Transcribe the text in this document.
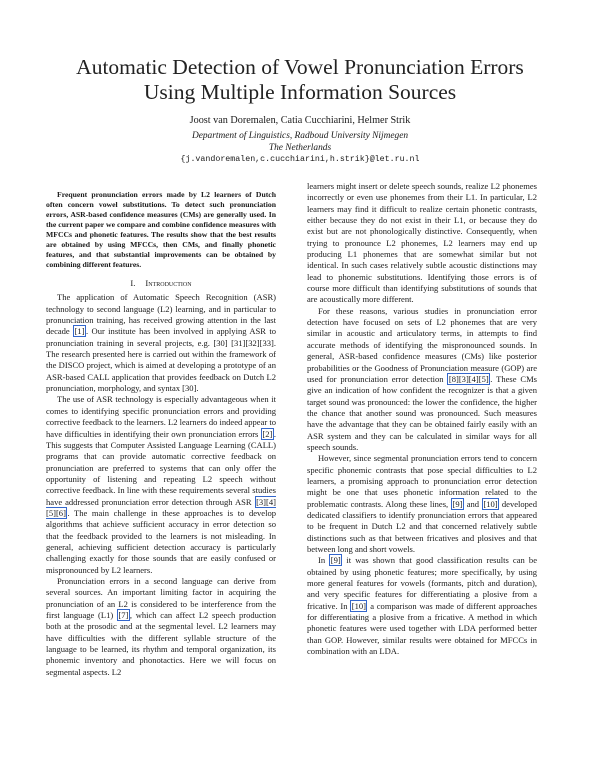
Automatic Detection of Vowel Pronunciation Errors
Using Multiple Information Sources
Joost van Doremalen, Catia Cucchiarini, Helmer Strik
Department of Linguistics, Radboud University Nijmegen
The Netherlands
{j.vandoremalen,c.cucchiarini,h.strik}@let.ru.nl

Frequent pronunciation errors made by L2 learners of Dutch often concern vowel substitutions. To detect such pronunciation errors, ASR-based confidence measures (CMs) are generally used. In the current paper we compare and combine confidence measures with MFCCs and phonetic features. The results show that the best results are obtained by using MFCCs, then CMs, and finally phonetic features, and that substantial improvements can be obtained by combining different features.

I. Introduction

The application of Automatic Speech Recognition (ASR) technology to second language (L2) learning, and in particular to pronunciation training, has received growing attention in the last decade [1] . Our institute has been involved in applying ASR to pronunciation training in several projects, e.g. [30] [31][32][33]. The research presented here is carried out within the framework of the DISCO project, which is aimed at developing a prototype of an ASR-based CALL application that provides feedback on Dutch L2 pronunciation, morphology, and syntax [30].

The use of ASR technology is especially advantageous when it comes to identifying specific pronunciation errors and providing corrective feedback to the learners. L2 learners do indeed appear to have difficulties in identifying their own pronunciation errors [2] . This suggests that Computer Assisted Language Learning (CALL) programs that can provide automatic corrective feedback on pronunciation are preferred to systems that can only offer the opportunity of listening and repeating L2 speech without corrective feedback. In line with these requirements several studies have addressed pronunciation error detection through ASR [3][4][5][6] . The main challenge in these approaches is to develop algorithms that achieve sufficient accuracy in error detection so that the feedback provided to the learners is not misleading. In general, achieving sufficient detection accuracy is particularly challenging exactly for those sounds that are easily confused or mispronounced by L2 learners.

Pronunciation errors in a second language can derive from several sources. An important limiting factor in acquiring the pronunciation of an L2 is considered to be interference from the first language (L1) [7] , which can affect L2 speech production both at the prosodic and at the segmental level. L2 learners may have difficulties with the different syllable structure of the language to be learned, its rhythm and temporal organization, its phonemic inventory and phonotactics. Here we will focus on segmental aspects. L2

learners might insert or delete speech sounds, realize L2 phonemes incorrectly or even use phonemes from their L1. In particular, L2 learners may find it difficult to realize certain phonetic contrasts, either because they do not exist in their L1, or because they do exist but are not phonologically distinctive. Consequently, when trying to pronounce L2 phonemes, L2 learners may end up producing L1 phonemes that are somewhat similar but not identical. In such cases relatively subtle acoustic distinctions may lead to phonemic substitutions. Identifying those errors is of course more difficult than identifying substitutions of sounds that are acoustically more different.

For these reasons, various studies in pronunciation error detection have focused on sets of L2 phonemes that are very similar in acoustic and articulatory terms, in attempts to find accurate methods of identifying the mispronounced sounds. In general, ASR-based confidence measures (CMs) like posterior probabilities or the Goodness of Pronunciation measure (GOP) are used for pronunciation error detection [8][3][4][5] . These CMs give an indication of how confident the recognizer is that a given target sound was pronounced: the lower the confidence, the higher the chance that another sound was pronounced. Such measures have the advantage that they can be obtained fairly easily with an ASR system and they can be calculated in similar ways for all speech sounds.

However, since segmental pronunciation errors tend to concern specific phonemic contrasts that pose special difficulties to L2 learners, a promising approach to pronunciation error detection might be one that uses phonetic information related to the problematic contrasts. Along these lines, [9] and [10] developed dedicated classifiers to identify pronunciation errors that appeared to be frequent in Dutch L2 and that concerned relatively subtle distinctions such as that between fricatives and plosives and that between long and short vowels.

In [9] it was shown that good classification results can be obtained by using phonetic features; more specifically, by using more general features for vowels (formants, pitch and duration), and very specific features for differentiating a plosive from a fricative. In [10] a comparison was made of different approaches for differentiating a plosive from a fricative. A method in which phonetic features were used together with LDA performed better than GOP. However, similar results were obtained for MFCCs in combination with an LDA.
